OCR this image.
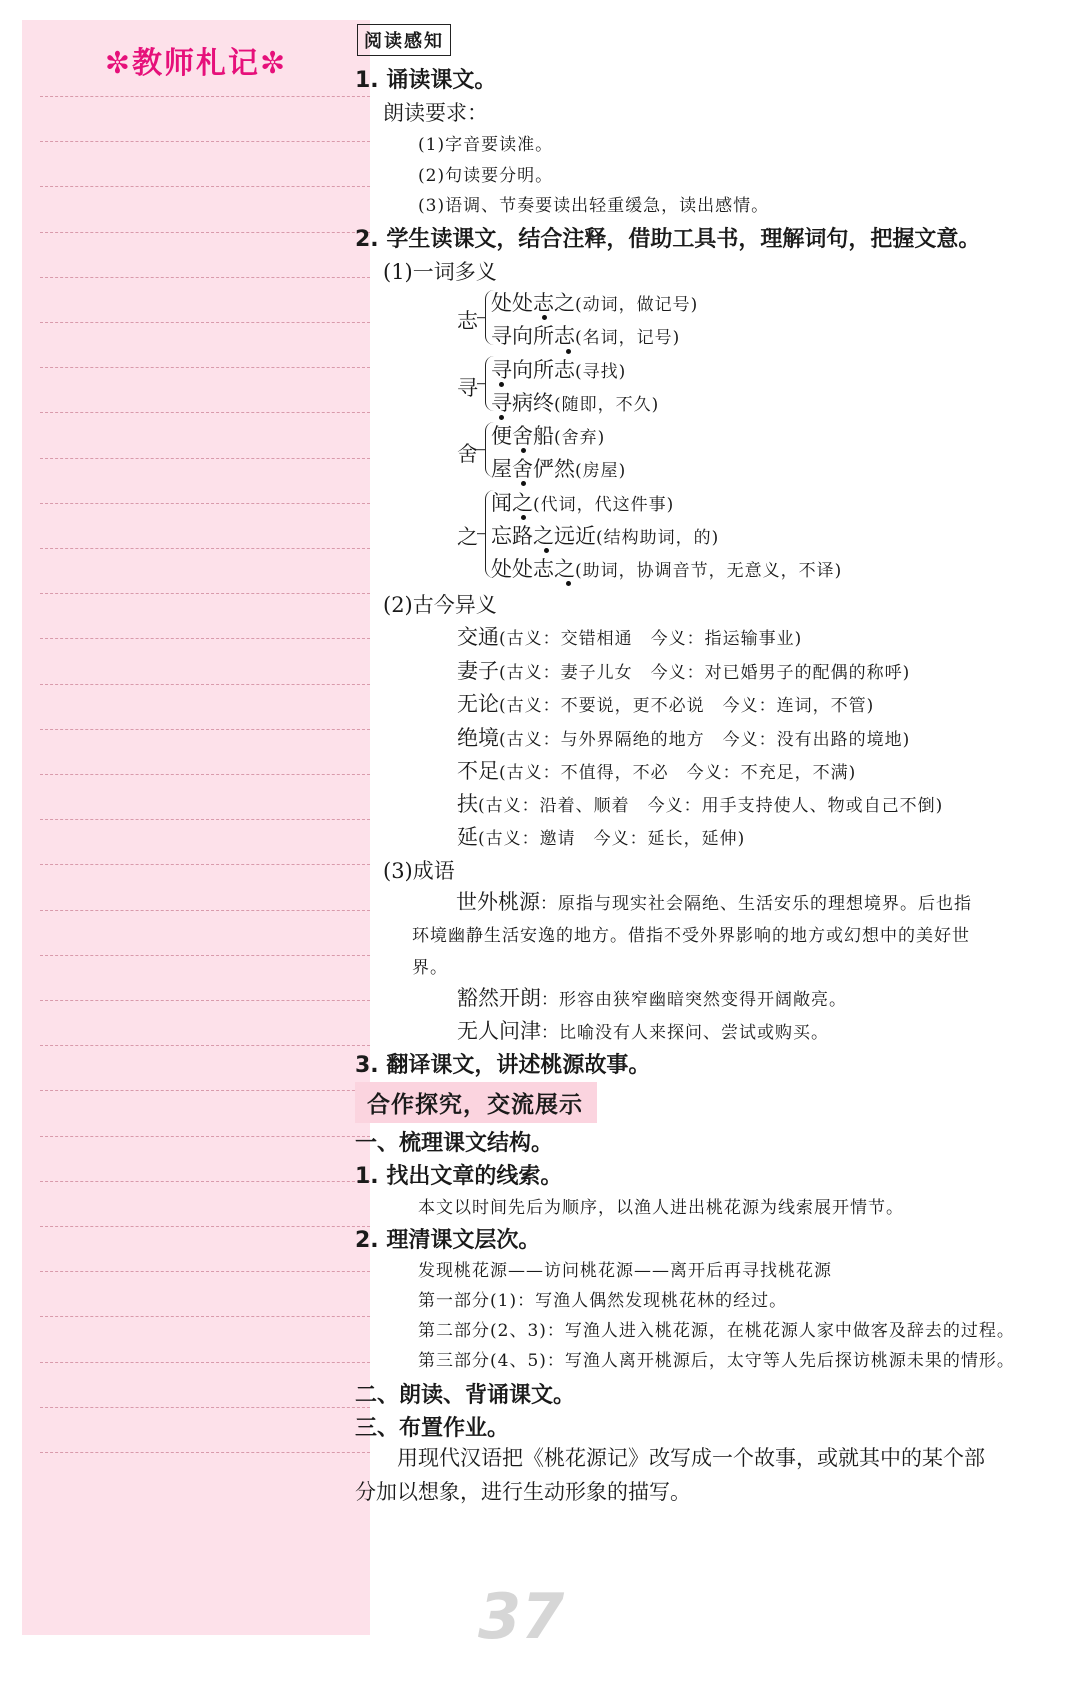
✼教师札记✼
37
阅读感知
1. 诵读课文。
朗读要求：
(1)字音要读准。
(2)句读要分明。
(3)语调、节奏要读出轻重缓急，读出感情。
2. 学生读课文，结合注释，借助工具书，理解词句，把握文意。
(1)一词多义
志
处处志之(动词，做记号)
寻向所志(名词，记号)
寻
寻向所志(寻找)
寻病终(随即，不久)
舍
便舍船(舍弃)
屋舍俨然(房屋)
之
闻之(代词，代这件事)
忘路之远近(结构助词，的)
处处志之(助词，协调音节，无意义，不译)
(2)古今异义
交通(古义：交错相通　今义：指运输事业)
妻子(古义：妻子儿女　今义：对已婚男子的配偶的称呼)
无论(古义：不要说，更不必说　今义：连词，不管)
绝境(古义：与外界隔绝的地方　今义：没有出路的境地)
不足(古义：不值得，不必　今义：不充足，不满)
扶(古义：沿着、顺着　今义：用手支持使人、物或自己不倒)
延(古义：邀请　今义：延长，延伸)
(3)成语
世外桃源：原指与现实社会隔绝、生活安乐的理想境界。后也指环境幽静生活安逸的地方。借指不受外界影响的地方或幻想中的美好世界。
豁然开朗：形容由狭窄幽暗突然变得开阔敞亮。
无人问津：比喻没有人来探问、尝试或购买。
3. 翻译课文，讲述桃源故事。
合作探究，交流展示
一、梳理课文结构。
1. 找出文章的线索。
本文以时间先后为顺序，以渔人进出桃花源为线索展开情节。
2. 理清课文层次。
发现桃花源——访问桃花源——离开后再寻找桃花源
第一部分(1)：写渔人偶然发现桃花林的经过。
第二部分(2、3)：写渔人进入桃花源，在桃花源人家中做客及辞去的过程。
第三部分(4、5)：写渔人离开桃源后，太守等人先后探访桃源未果的情形。
二、朗读、背诵课文。
三、布置作业。
用现代汉语把《桃花源记》改写成一个故事，或就其中的某个部分加以想象，进行生动形象的描写。
